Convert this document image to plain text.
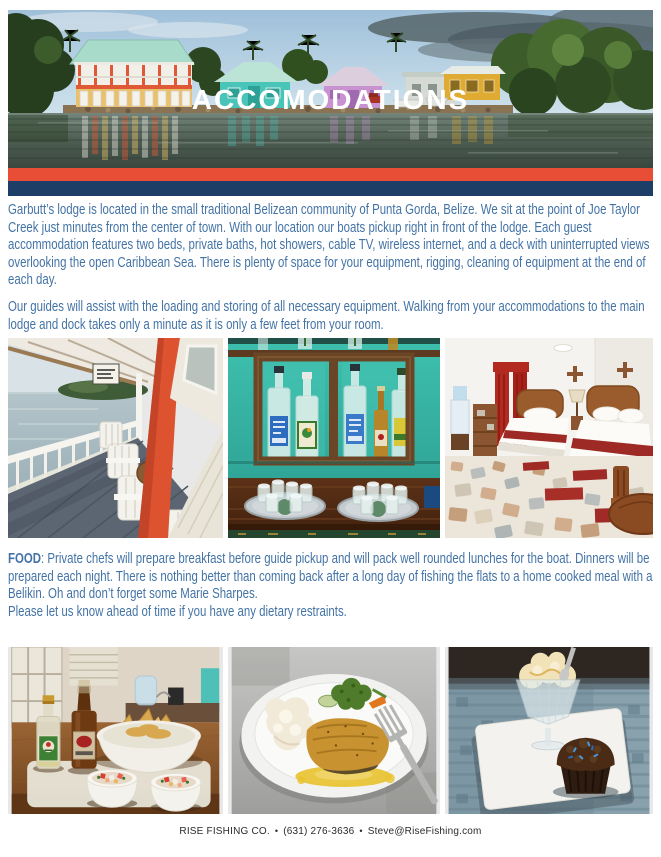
ACCOMODATIONS
Garbutt’s lodge is located in the small traditional Belizean community of Punta Gorda, Belize. We sit at the point of Joe Taylor Creek just minutes from the center of town. With our location our boats pickup right in front of the lodge. Each guest accommodation features two beds, private baths, hot showers, cable TV, wireless internet, and a deck with uninterrupted views overlooking the open Caribbean Sea. There is plenty of space for your equipment, rigging, cleaning of equipment at the end of each day.
Our guides will assist with the loading and storing of all necessary equipment. Walking from your accommodations to the main lodge and dock takes only a minute as it is only a few feet from your room.
FOOD: Private chefs will prepare breakfast before guide pickup and will pack well rounded lunches for the boat. Dinners will be prepared each night. There is nothing better than coming back after a long day of fishing the flats to a home cooked meal with a Belikin. Oh and don’t forget some Marie Sharpes.
Please let us know ahead of time if you have any dietary restraints.
RISE FISHING CO. • (631) 276-3636 • Steve@RiseFishing.com
